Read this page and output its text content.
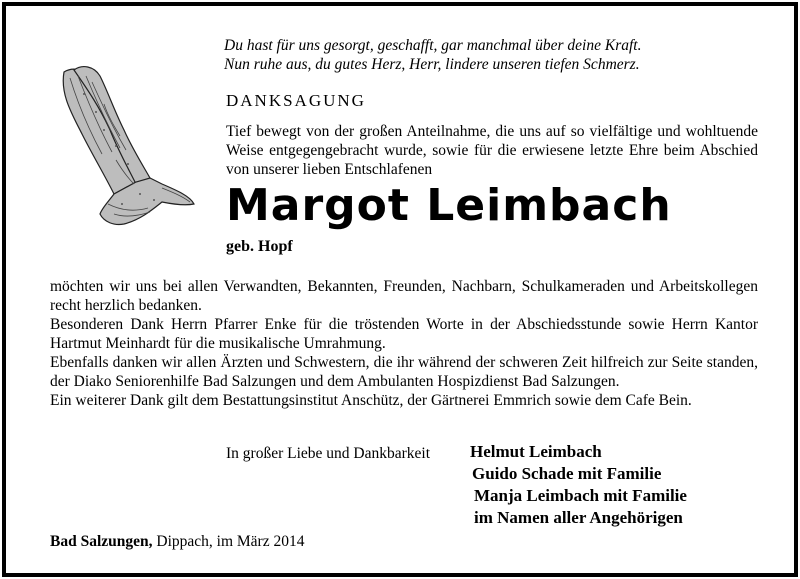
Du hast für uns gesorgt, geschafft, gar manchmal über deine Kraft.
Nun ruhe aus, du gutes Herz, Herr, lindere unseren tiefen Schmerz.
DANKSAGUNG
Tief bewegt von der großen Anteilnahme, die uns auf so vielfältige und wohltuende Weise entgegengebracht wurde, sowie für die erwiesene letzte Ehre beim Abschied von unserer lieben Entschlafenen
Margot Leimbach
geb. Hopf

möchten wir uns bei allen Verwandten, Bekannten, Freunden, Nachbarn, Schulkameraden und Arbeitskollegen recht herzlich bedanken.

Besonderen Dank Herrn Pfarrer Enke für die tröstenden Worte in der Abschiedsstunde sowie Herrn Kantor Hartmut Meinhardt für die musikalische Umrahmung.

Ebenfalls danken wir allen Ärzten und Schwestern, die ihr während der schweren Zeit hilfreich zur Seite standen, der Diako Seniorenhilfe Bad Salzungen und dem Ambulanten Hospizdienst Bad Salzungen.

Ein weiterer Dank gilt dem Bestattungsinstitut Anschütz, der Gärtnerei Emmrich sowie dem Cafe Bein.

In großer Liebe und Dankbarkeit Helmut Leimbach
Guido Schade mit Familie
Manja Leimbach mit Familie
im Namen aller Angehörigen
Bad Salzungen, Dippach, im März 2014
